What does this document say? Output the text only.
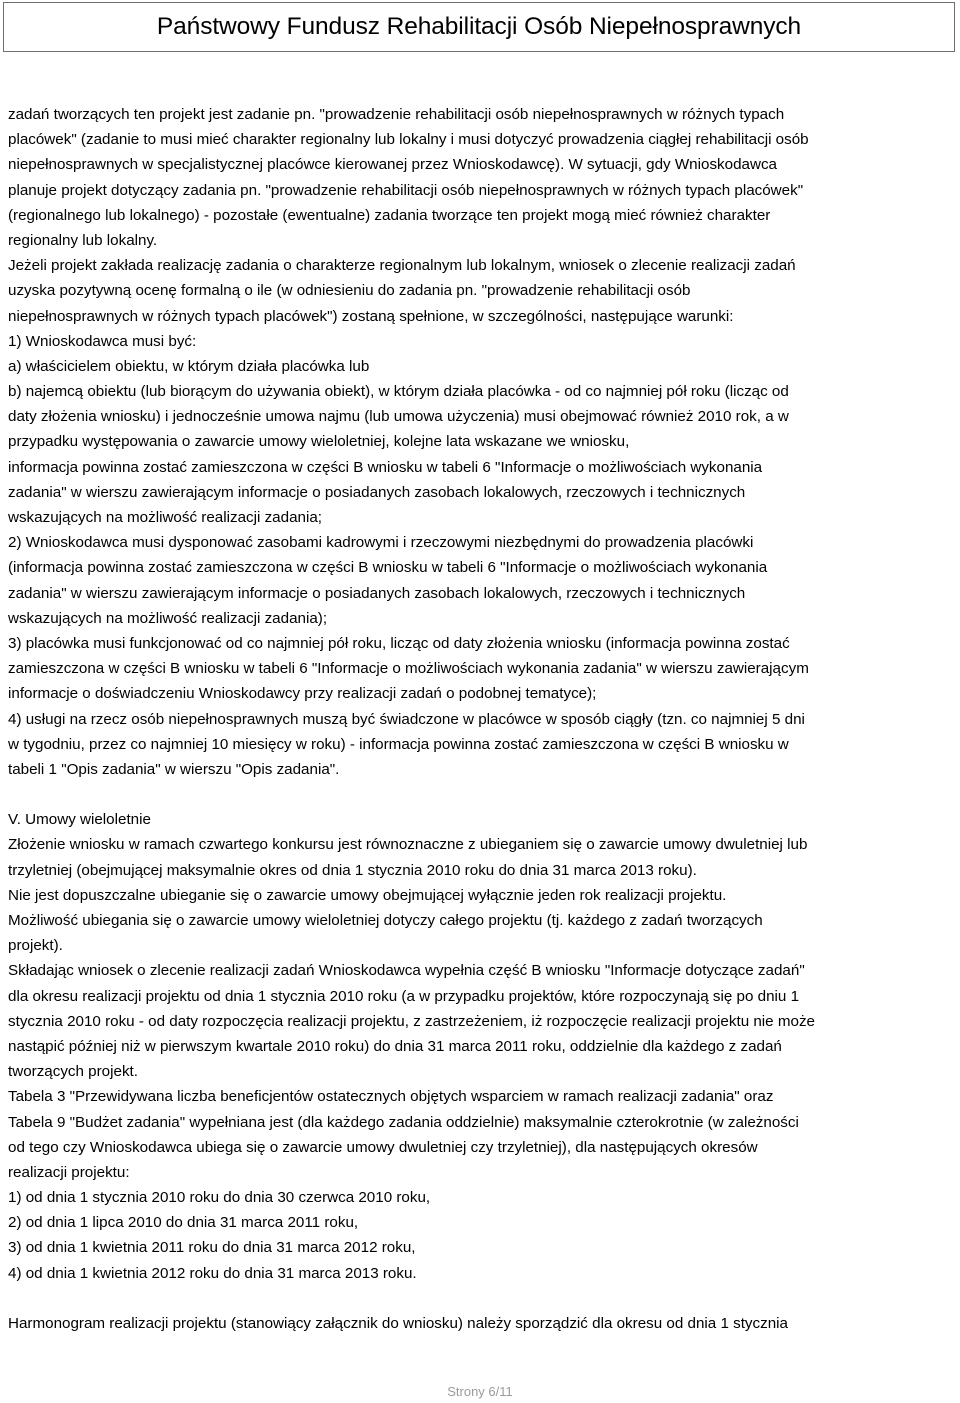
Państwowy Fundusz Rehabilitacji Osób Niepełnosprawnych
zadań tworzących ten projekt jest zadanie pn. "prowadzenie rehabilitacji osób niepełnosprawnych w różnych typach
placówek" (zadanie to musi mieć charakter regionalny lub lokalny i musi dotyczyć prowadzenia ciągłej rehabilitacji osób
niepełnosprawnych w specjalistycznej placówce kierowanej przez Wnioskodawcę). W sytuacji, gdy Wnioskodawca
planuje projekt dotyczący zadania pn. "prowadzenie rehabilitacji osób niepełnosprawnych w różnych typach placówek"
(regionalnego lub lokalnego) - pozostałe (ewentualne) zadania tworzące ten projekt mogą mieć również charakter
regionalny lub lokalny.
Jeżeli projekt zakłada realizację zadania o charakterze regionalnym lub lokalnym, wniosek o zlecenie realizacji zadań
uzyska pozytywną ocenę formalną o ile (w odniesieniu do zadania pn. "prowadzenie rehabilitacji osób
niepełnosprawnych w różnych typach placówek") zostaną spełnione, w szczególności, następujące warunki:
1) Wnioskodawca musi być:
a) właścicielem obiektu, w którym działa placówka lub
b) najemcą obiektu (lub biorącym do używania obiekt), w którym działa placówka - od co najmniej pół roku (licząc od
daty złożenia wniosku) i jednocześnie umowa najmu (lub umowa użyczenia) musi obejmować również 2010 rok, a w
przypadku występowania o zawarcie umowy wieloletniej, kolejne lata wskazane we wniosku,
informacja powinna zostać zamieszczona w części B wniosku w tabeli 6 "Informacje o możliwościach wykonania
zadania" w wierszu zawierającym informacje o posiadanych zasobach lokalowych, rzeczowych i technicznych
wskazujących na możliwość realizacji zadania;
2) Wnioskodawca musi dysponować zasobami kadrowymi i rzeczowymi niezbędnymi do prowadzenia placówki
(informacja powinna zostać zamieszczona w części B wniosku w tabeli 6 "Informacje o możliwościach wykonania
zadania" w wierszu zawierającym informacje o posiadanych zasobach lokalowych, rzeczowych i technicznych
wskazujących na możliwość realizacji zadania);
3) placówka musi funkcjonować od co najmniej pół roku, licząc od daty złożenia wniosku (informacja powinna zostać
zamieszczona w części B wniosku w tabeli 6 "Informacje o możliwościach wykonania zadania" w wierszu zawierającym
informacje o doświadczeniu Wnioskodawcy przy realizacji zadań o podobnej tematyce);
4) usługi na rzecz osób niepełnosprawnych muszą być świadczone w placówce w sposób ciągły (tzn. co najmniej 5 dni
w tygodniu, przez co najmniej 10 miesięcy w roku) - informacja powinna zostać zamieszczona w części B wniosku w
tabeli 1 "Opis zadania" w wierszu "Opis zadania".
V. Umowy wieloletnie
Złożenie wniosku w ramach czwartego konkursu jest równoznaczne z ubieganiem się o zawarcie umowy dwuletniej lub
trzyletniej (obejmującej maksymalnie okres od dnia 1 stycznia 2010 roku do dnia 31 marca 2013 roku).
Nie jest dopuszczalne ubieganie się o zawarcie umowy obejmującej wyłącznie jeden rok realizacji projektu.
Możliwość ubiegania się o zawarcie umowy wieloletniej dotyczy całego projektu (tj. każdego z zadań tworzących
projekt).
Składając wniosek o zlecenie realizacji zadań Wnioskodawca wypełnia część B wniosku "Informacje dotyczące zadań"
dla okresu realizacji projektu od dnia 1 stycznia 2010 roku (a w przypadku projektów, które rozpoczynają się po dniu 1
stycznia 2010 roku - od daty rozpoczęcia realizacji projektu, z zastrzeżeniem, iż rozpoczęcie realizacji projektu nie może
nastąpić później niż w pierwszym kwartale 2010 roku) do dnia 31 marca 2011 roku, oddzielnie dla każdego z zadań
tworzących projekt.
Tabela 3 "Przewidywana liczba beneficjentów ostatecznych objętych wsparciem w ramach realizacji zadania" oraz
Tabela 9 "Budżet zadania" wypełniana jest (dla każdego zadania oddzielnie) maksymalnie czterokrotnie (w zależności
od tego czy Wnioskodawca ubiega się o zawarcie umowy dwuletniej czy trzyletniej), dla następujących okresów
realizacji projektu:
1) od dnia 1 stycznia 2010 roku do dnia 30 czerwca 2010 roku,
2) od dnia 1 lipca 2010 do dnia 31 marca 2011 roku,
3) od dnia 1 kwietnia 2011 roku do dnia 31 marca 2012 roku,
4) od dnia 1 kwietnia 2012 roku do dnia 31 marca 2013 roku.
Harmonogram realizacji projektu (stanowiący załącznik do wniosku) należy sporządzić dla okresu od dnia 1 stycznia
Strony 6/11
